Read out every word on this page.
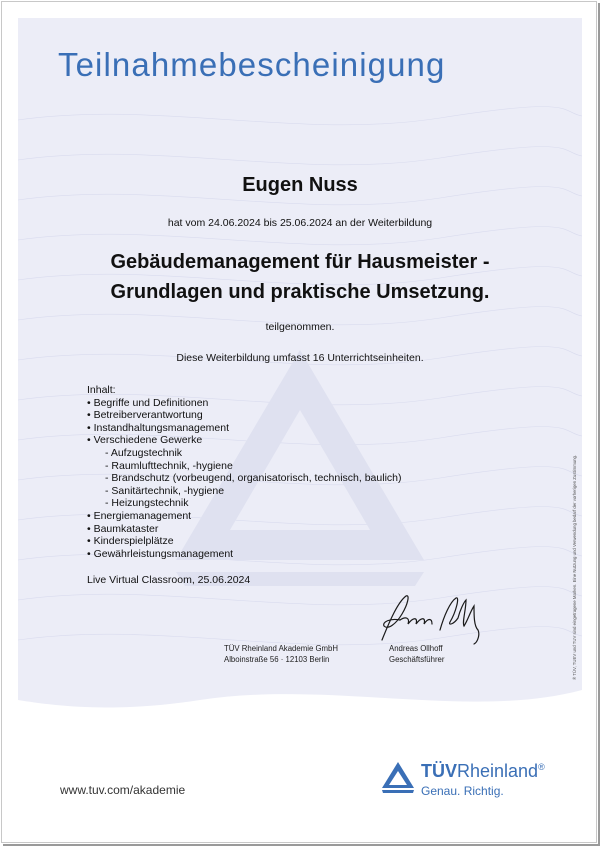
Teilnahmebescheinigung
Eugen Nuss
hat vom 24.06.2024 bis 25.06.2024 an der Weiterbildung
Gebäudemanagement für Hausmeister -
Grundlagen und praktische Umsetzung.
teilgenommen.
Diese Weiterbildung umfasst 16 Unterrichtseinheiten.
Inhalt:
• Begriffe und Definitionen
• Betreiberverantwortung
• Instandhaltungsmanagement
• Verschiedene Gewerke
- Aufzugstechnik
- Raumlufttechnik, -hygiene
- Brandschutz (vorbeugend, organisatorisch, technisch, baulich)
- Sanitärtechnik, -hygiene
- Heizungstechnik
• Energiemanagement
• Baumkataster
• Kinderspielplätze
• Gewährleistungsmanagement
Live Virtual Classroom, 25.06.2024
TÜV Rheinland Akademie GmbH
Alboinstraße 56 · 12103 Berlin
Andreas Ollhoff
Geschäftsführer	® TÜV, TUEV und TUV sind eingetragene Marken. Eine Nutzung und Verwendung bedarf der vorherigen Zustimmung.
www.tuv.com/akademie
TÜVRheinland®
Genau. Richtig.
